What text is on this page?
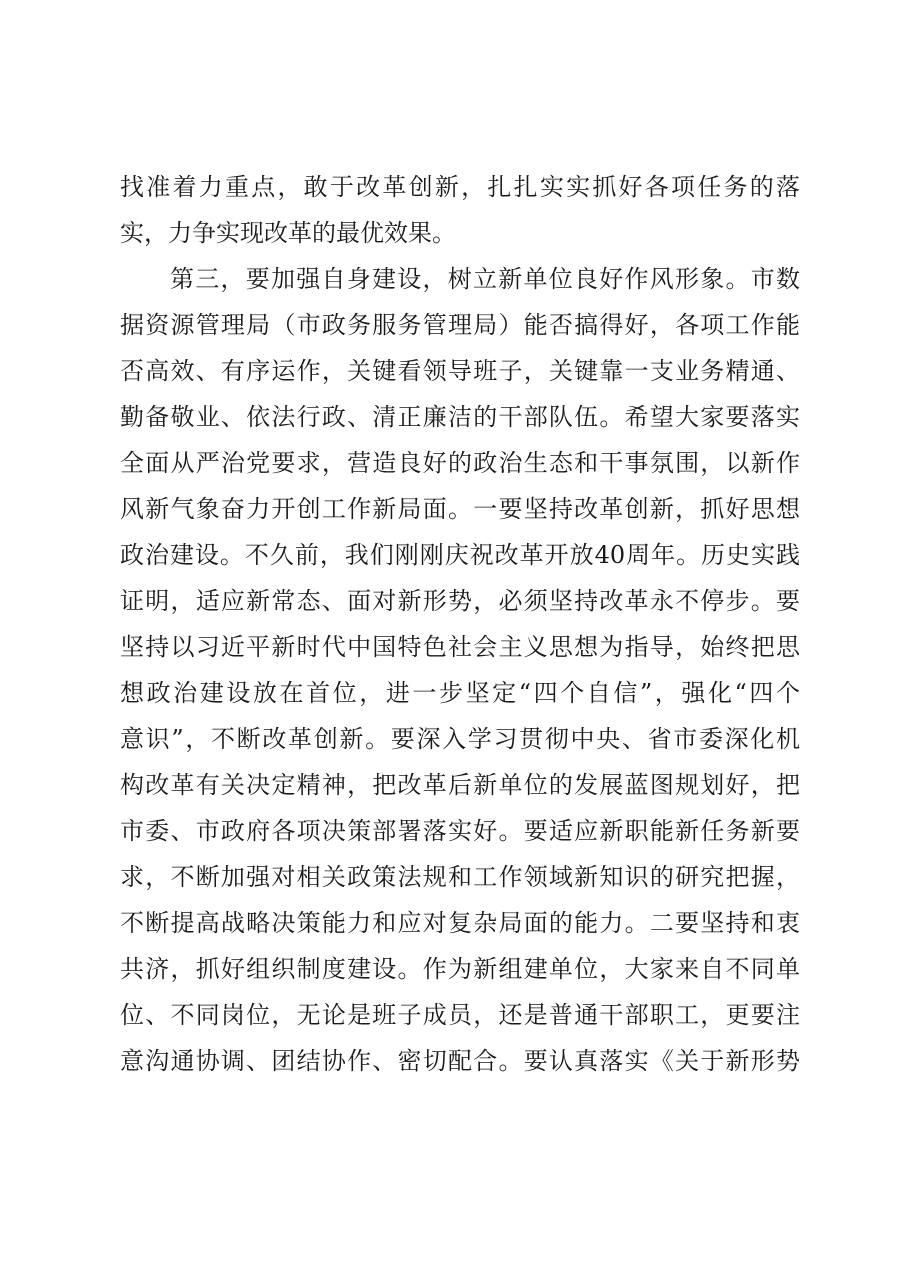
找准着力重点，敢于改革创新，扎扎实实抓好各项任务的落
实，力争实现改革的最优效果。
第三，要加强自身建设，树立新单位良好作风形象。市数
据资源管理局（市政务服务管理局）能否搞得好，各项工作能
否高效、有序运作，关键看领导班子，关键靠一支业务精通、
勤备敬业、依法行政、清正廉洁的干部队伍。希望大家要落实
全面从严治党要求，营造良好的政治生态和干事氛围，以新作
风新气象奋力开创工作新局面。一要坚持改革创新，抓好思想
政治建设。不久前，我们刚刚庆祝改革开放40周年。历史实践
证明，适应新常态、面对新形势，必须坚持改革永不停步。要
坚持以习近平新时代中国特色社会主义思想为指导，始终把思
想政治建设放在首位，进一步坚定“四个自信”，强化“四个
意识”，不断改革创新。要深入学习贯彻中央、省市委深化机
构改革有关决定精神，把改革后新单位的发展蓝图规划好，把
市委、市政府各项决策部署落实好。要适应新职能新任务新要
求，不断加强对相关政策法规和工作领域新知识的研究把握，
不断提高战略决策能力和应对复杂局面的能力。二要坚持和衷
共济，抓好组织制度建设。作为新组建单位，大家来自不同单
位、不同岗位，无论是班子成员，还是普通干部职工，更要注
意沟通协调、团结协作、密切配合。要认真落实《关于新形势
